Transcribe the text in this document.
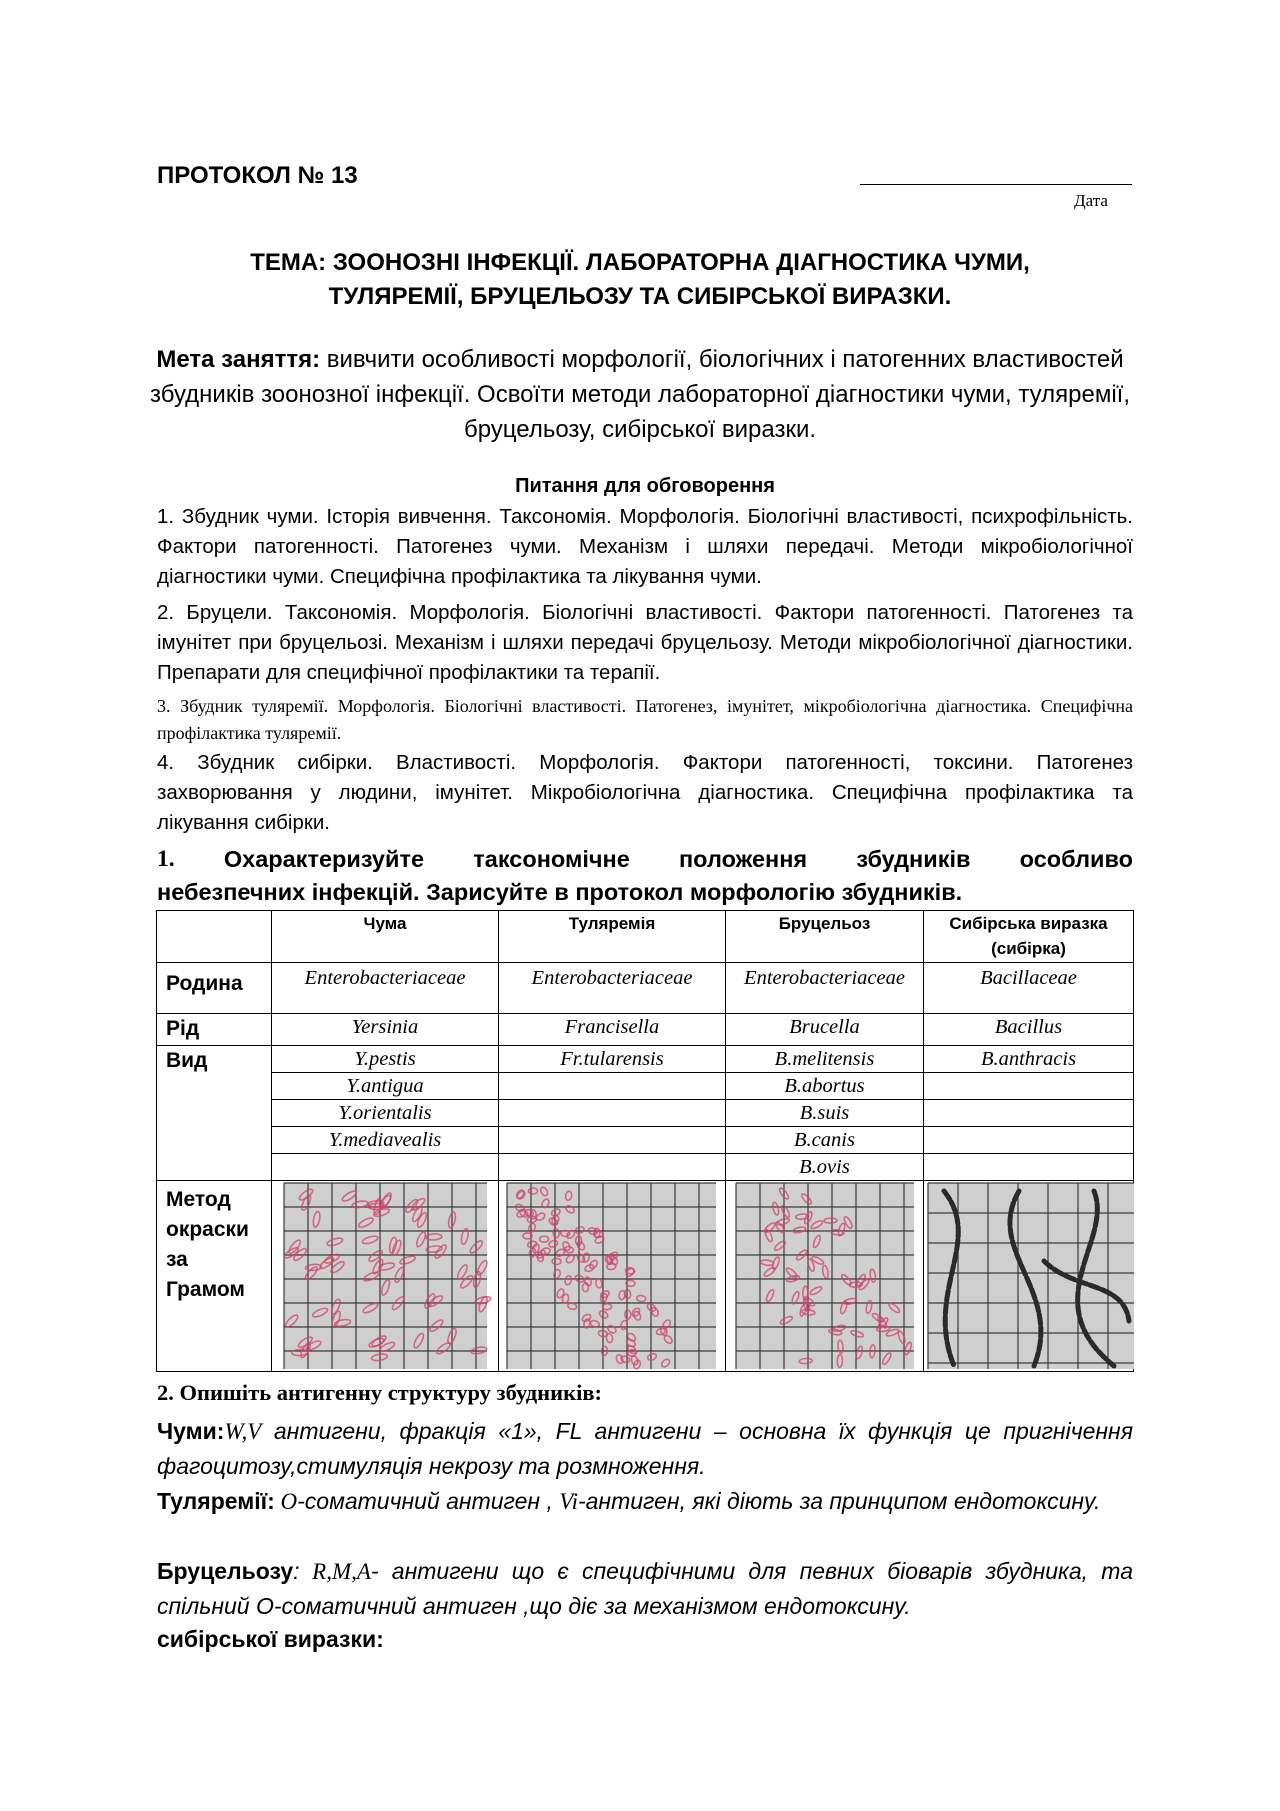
ПРОТОКОЛ № 13
Дата
ТЕМА: ЗООНОЗНІ ІНФЕКЦІЇ. ЛАБОРАТОРНА ДІАГНОСТИКА ЧУМИ,
ТУЛЯРЕМІЇ, БРУЦЕЛЬОЗУ ТА СИБІРСЬКОЇ ВИРАЗКИ.
Мета заняття: вивчити особливості морфології, біологічних і патогенних властивостей збудників зоонозної інфекції. Освоїти методи лабораторної діагностики чуми, туляремії, бруцельозу, сибірської виразки.
Питання для обговорення
1. Збудник чуми. Історія вивчення. Таксономія. Морфологія. Біологічні властивості, психрофільність. Фактори патогенності. Патогенез чуми. Механізм і шляхи передачі. Методи мікробіологічної діагностики чуми. Специфічна профілактика та лікування чуми.
2. Бруцели. Таксономія. Морфологія. Біологічні властивості. Фактори патогенності. Патогенез та імунітет при бруцельозі. Механізм і шляхи передачі бруцельозу. Методи мікробіологічної діагностики. Препарати для специфічної профілактики та терапії.
3. Збудник туляремії. Морфологія. Біологічні властивості. Патогенез, імунітет, мікробіологічна діагностика. Специфічна профілактика туляремії.
4. Збудник сибірки. Властивості. Морфологія. Фактори патогенності, токсини. Патогенез захворювання у людини, імунітет. Мікробіологічна діагностика. Специфічна профілактика та лікування сибірки.
1. Охарактеризуйте таксономічне положення збудників особливо
небезпечних інфекцій. Зарисуйте в протокол морфологію збудників.
	Чума	Туляремія	Бруцельоз	Сибірська виразка (сибірка)
Родина	Enterobacteriaceae	Enterobacteriaceae	Enterobacteriaceae	Bacillaceae
Рід	Yersinia	Francisella	Brucella	Bacillus
Вид	Y.pestis	Fr.tularensis	B.melitensis	B.anthracis
	Y.antigua		B.abortus	
	Y.orientalis		B.suis	
	Y.mediavealis		B.canis	
			B.ovis	

Метод
окраски
за
Грамом

2. Опишіть антигенну структуру збудників:
Чуми:W,V антигени, фракція «1», FL антигени – основна їх функція це пригнічення фагоцитозу,стимуляція некрозу та розмноження.
Туляремії: O-соматичний антиген , Vi-антиген, які діють за принципом ендотоксину.
Бруцельозу: R,M,A- антигени що є специфічними для певних біоварів збудника, та спільний О-соматичний антиген ,що діє за механізмом ендотоксину.
сибірської виразки:
